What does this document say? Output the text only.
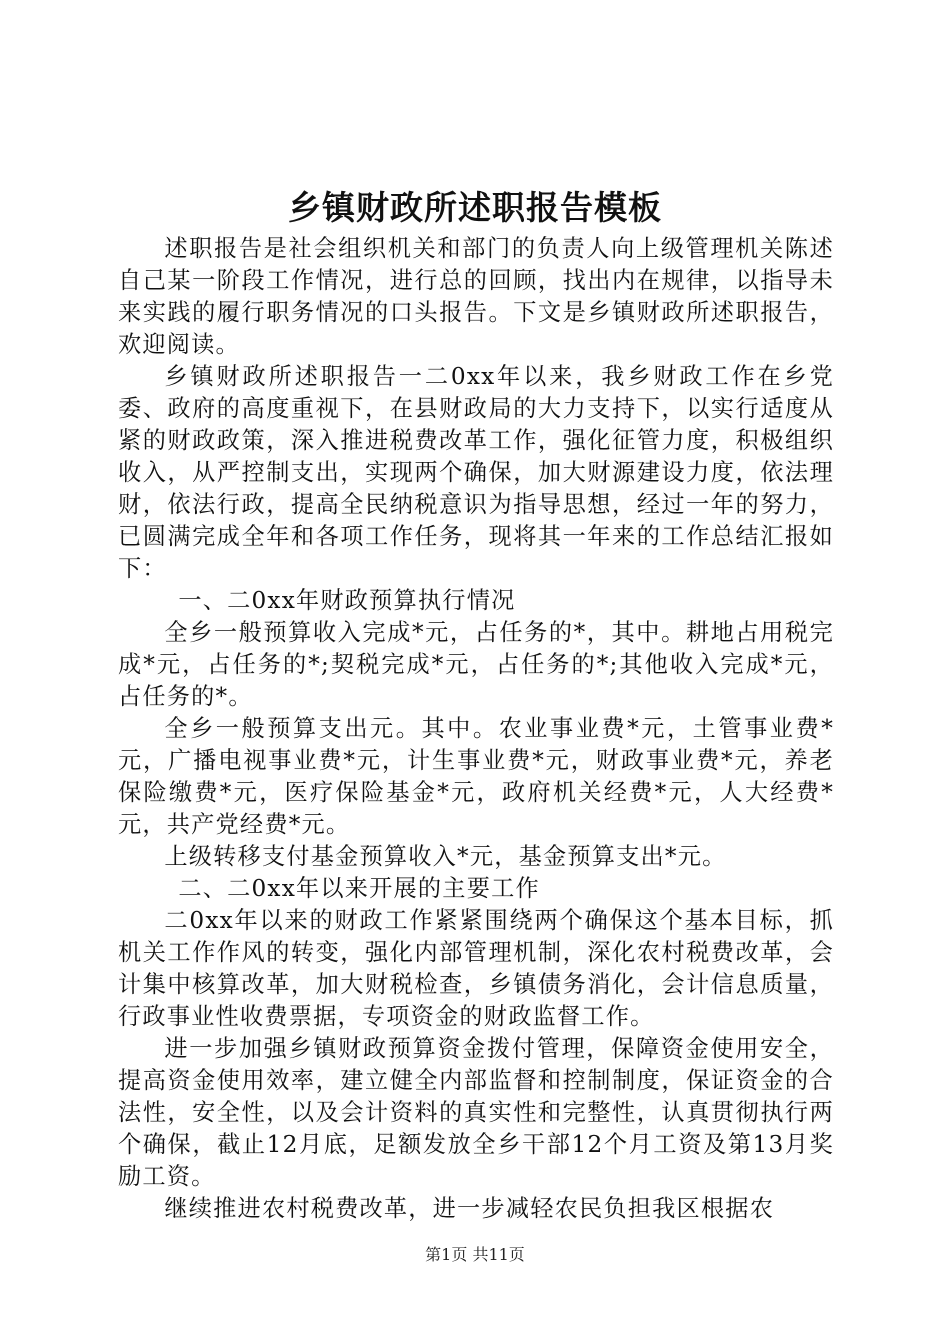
乡镇财政所述职报告模板

述职报告是社会组织机关和部门的负责人向上级管理机关陈述自己某一阶段工作情况，进行总的回顾，找出内在规律，以指导未来实践的履行职务情况的口头报告。下文是乡镇财政所述职报告，欢迎阅读。

乡镇财政所述职报告一二0xx年以来，我乡财政工作在乡党委、政府的高度重视下，在县财政局的大力支持下，以实行适度从紧的财政政策，深入推进税费改革工作，强化征管力度，积极组织收入，从严控制支出，实现两个确保，加大财源建设力度，依法理财，依法行政，提高全民纳税意识为指导思想，经过一年的努力，已圆满完成全年和各项工作任务，现将其一年来的工作总结汇报如下：

一、二0xx年财政预算执行情况

全乡一般预算收入完成*元，占任务的*，其中。耕地占用税完成*元，占任务的*;契税完成*元，占任务的*;其他收入完成*元，占任务的*。

全乡一般预算支出元。其中。农业事业费*元，土管事业费*元，广播电视事业费*元，计生事业费*元，财政事业费*元，养老保险缴费*元，医疗保险基金*元，政府机关经费*元，人大经费*元，共产党经费*元。

上级转移支付基金预算收入*元，基金预算支出*元。

二、二0xx年以来开展的主要工作

二0xx年以来的财政工作紧紧围绕两个确保这个基本目标，抓机关工作作风的转变，强化内部管理机制，深化农村税费改革，会计集中核算改革，加大财税检查，乡镇债务消化，会计信息质量，行政事业性收费票据，专项资金的财政监督工作。

进一步加强乡镇财政预算资金拨付管理，保障资金使用安全，提高资金使用效率，建立健全内部监督和控制制度，保证资金的合法性，安全性，以及会计资料的真实性和完整性，认真贯彻执行两个确保，截止12月底，足额发放全乡干部12个月工资及第13月奖励工资。

继续推进农村税费改革，进一步减轻农民负担我区根据农

第1页 共11页
